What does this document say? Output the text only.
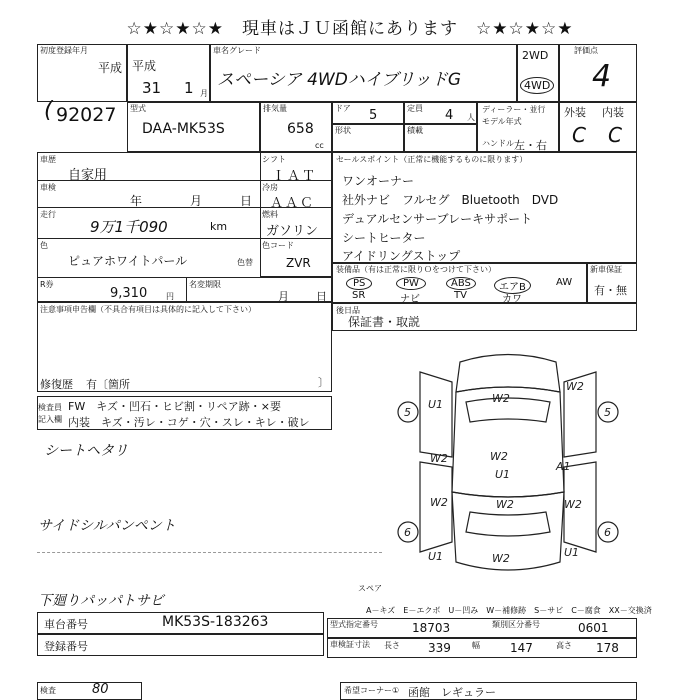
☆★☆★☆★　現車はＪＵ函館にあります　☆★☆★☆★
初度登録年月
平成 平成
31 1 月
車名グレード
スペーシア 4WDハイブリッドG
2WD
4WD
評価点
4
92027
(	型式
DAA-MK53S
排気量
658
cc
ドア 5	定員 4 人
ディーラー・並行
モデル年式
ハンドル 左・右
形状	積載
外装 内装
C C
車歴
自家用
車検
年	月	日
走行
9万1千090	km
色
ピュアホワイトパール	色替
R券
9,310 円
シフト
ＩＡＴ
冷房
ＡＡＣ
燃料
ガソリン
色コード
ZVR
名変期限
月 日
セールスポイント（正常に機能するものに限ります）
ワンオーナー
社外ナビ　フルセグ　Bluetooth　DVD
デュアルセンサーブレーキサポート
シートヒーター
アイドリングストップ
装備品（有は正常に限りＯをつけて下さい）
PS	PW	ABS	エアB	AW
SR	ナビ	TV	カワ
新車保証
有・無
後日品
保証書・取説
注意事項申告欄（不具合有項目は具体的に記入して下さい）
修復歴 有〔箇所	〕
検査員
記入欄
FW　キズ・凹石・ヒビ割・リペア跡・×要
内装　キズ・汚レ・コゲ・穴・スレ・キレ・破レ
シートヘタリ
サイドシルパンペント
下廻りパッパトサビ
5	5
6	6
U1	W2
W2
W2	W2
U1
A1
W2	W2	W2
U1	W2	U1
スペア
A－キズ　E－エクボ　U－凹み　W－補修跡　S－サビ　C－腐食　XX－交換済
車台番号	MK53S-183263
登録番号
型式指定番号	18703	類別区分番号	0601
車検証寸法 長さ 339	幅	147	高さ 178
検査	80	希望コーナー① 函館　レギュラー
